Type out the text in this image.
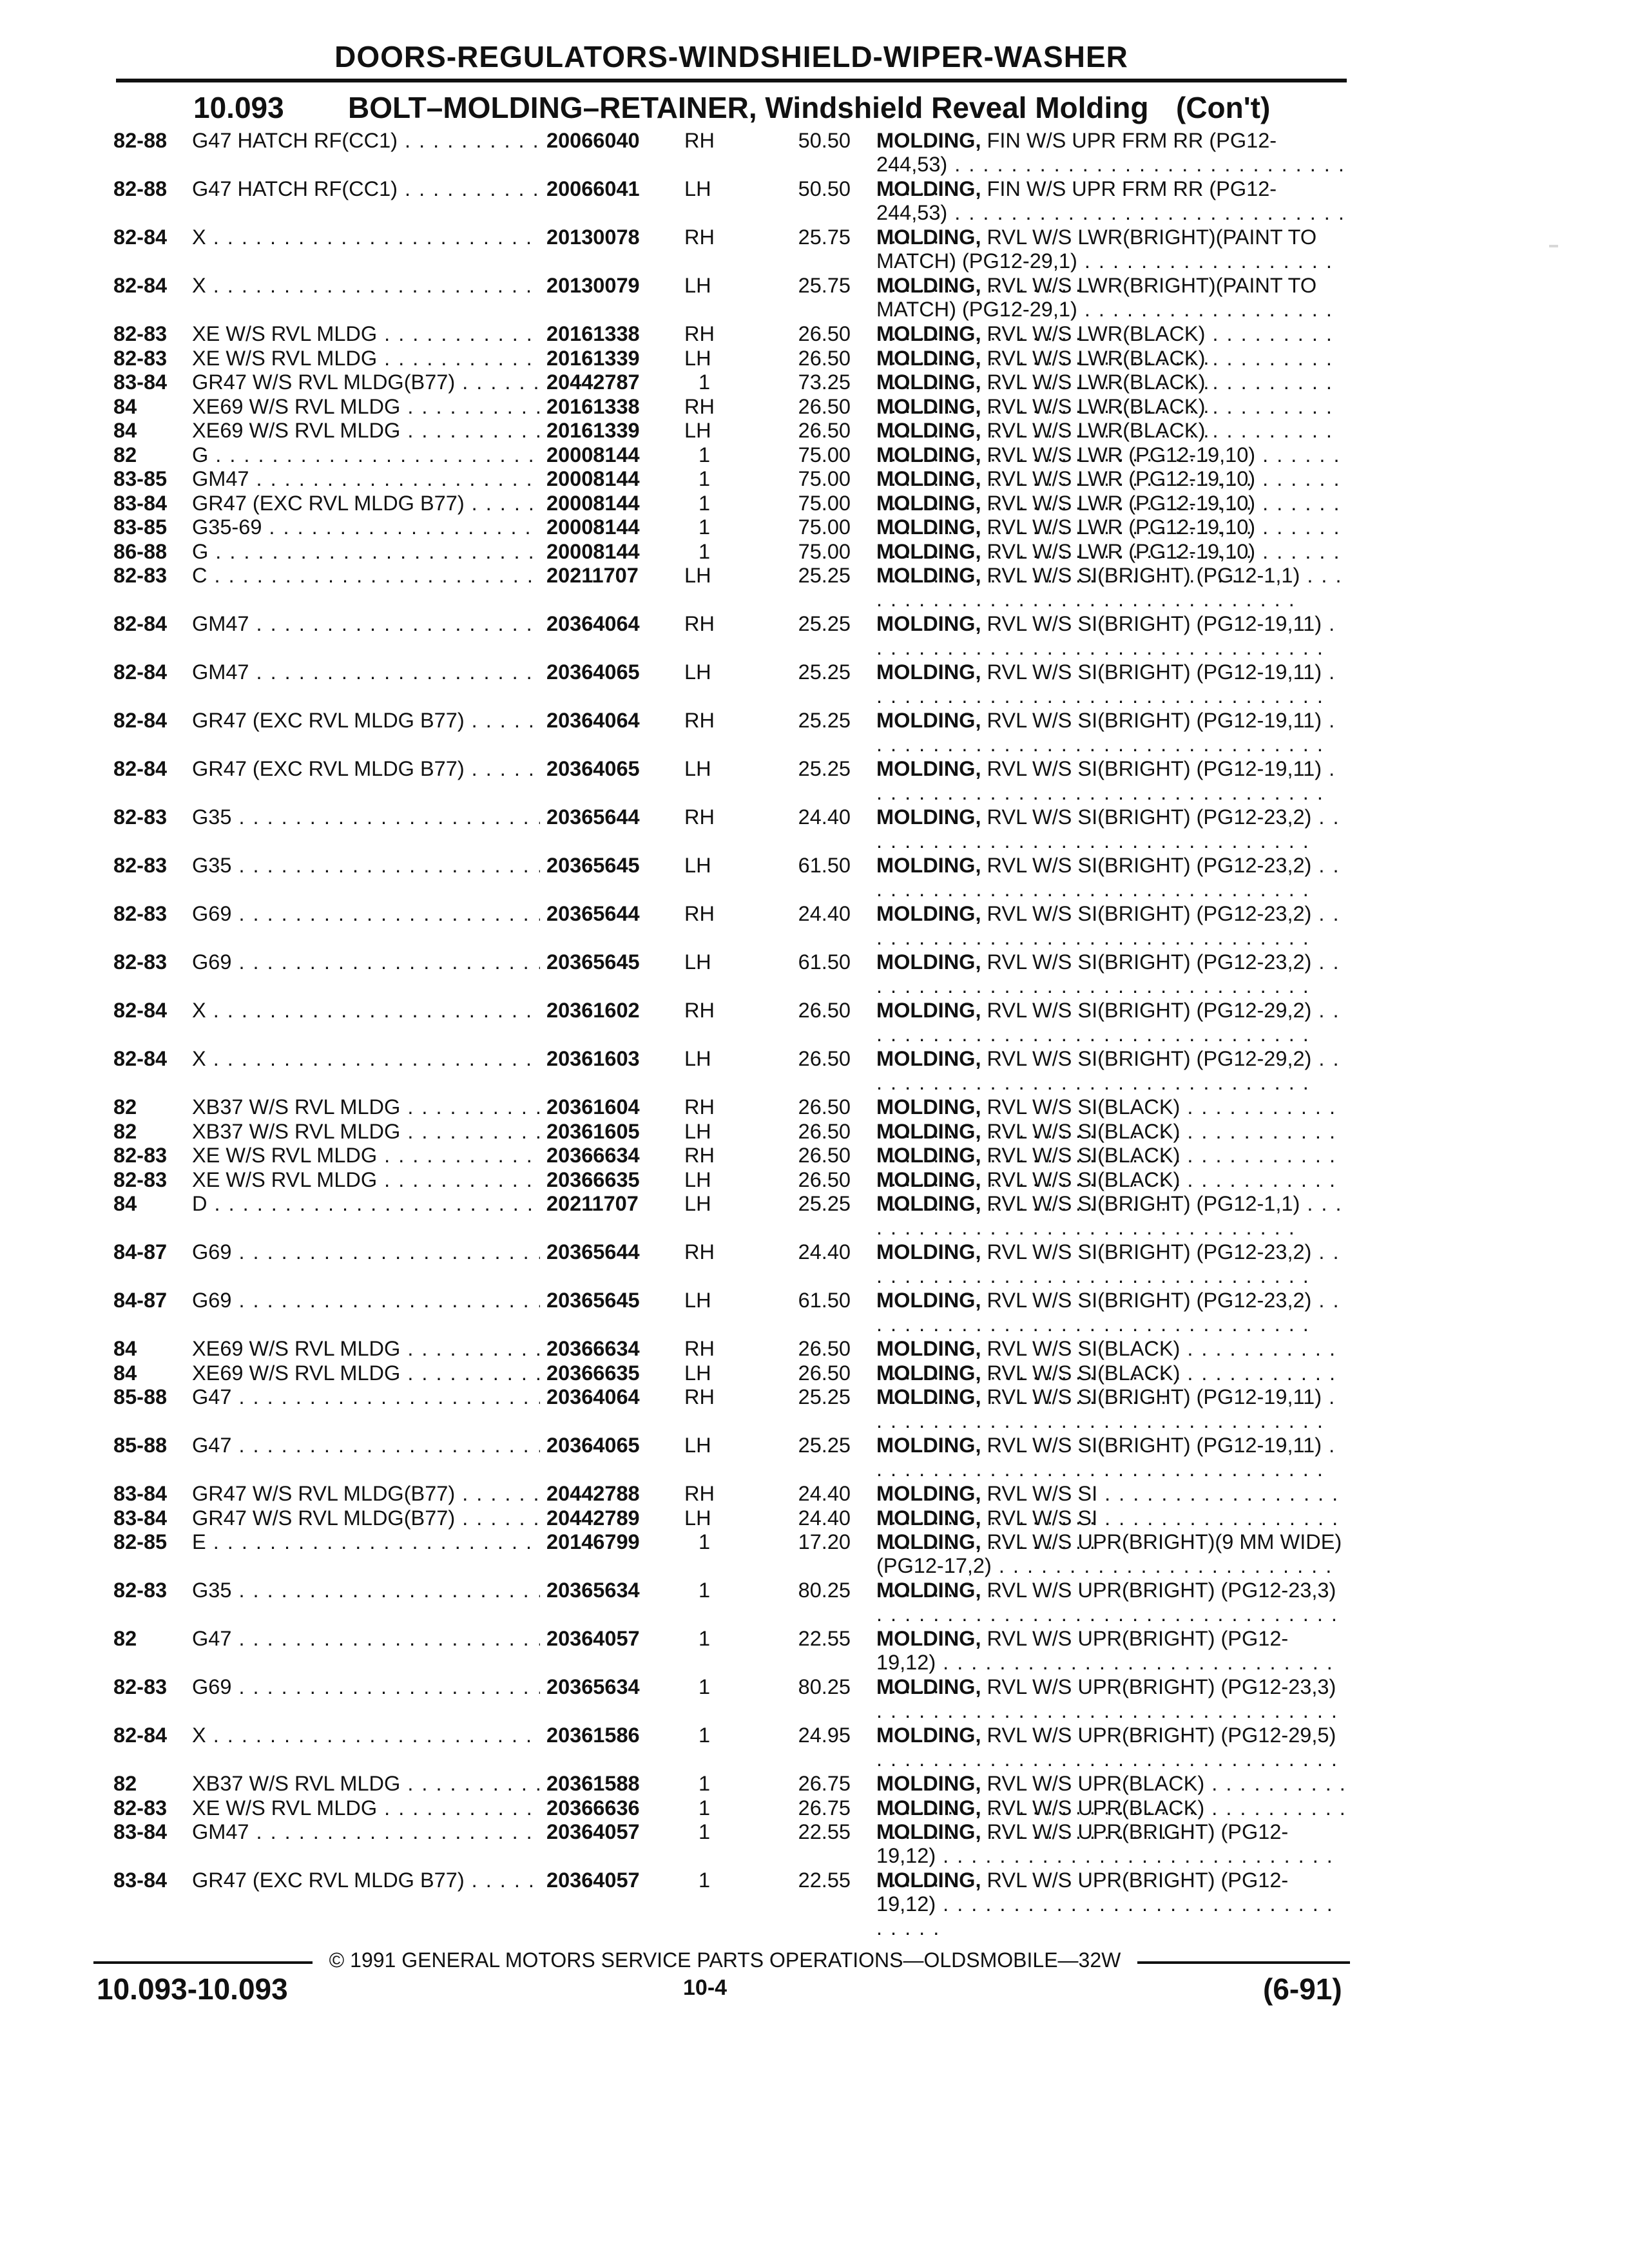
DOORS-REGULATORS-WINDSHIELD-WIPER-WASHER
10.093 BOLT–MOLDING–RETAINER, Windshield Reveal Molding (Con't)
82-88	G47 HATCH RF(CC1) . . .	20066040	RH	50.50 MOLDING, FIN W/S UPR FRM RR (PG12-244,53) . . .
82-88	G47 HATCH RF(CC1) . . .	20066041	LH	50.50 MOLDING, FIN W/S UPR FRM RR (PG12-244,53) . . .
82-84	X . . .	20130078	RH	25.75 MOLDING, RVL W/S LWR(BRIGHT)(PAINT TO MATCH) (PG12-29,1) . . .
82-84	X . . .	20130079	LH	25.75 MOLDING, RVL W/S LWR(BRIGHT)(PAINT TO MATCH) (PG12-29,1) . . .
82-83	XE W/S RVL MLDG . . .	20161338	RH	26.50 MOLDING, RVL W/S LWR(BLACK) . . .
82-83	XE W/S RVL MLDG . . .	20161339	LH	26.50 MOLDING, RVL W/S LWR(BLACK) . . .
83-84	GR47 W/S RVL MLDG(B77) . . .	20442787	1	73.25 MOLDING, RVL W/S LWR(BLACK) . . .
84	XE69 W/S RVL MLDG . . .	20161338	RH	26.50 MOLDING, RVL W/S LWR(BLACK) . . .
84	XE69 W/S RVL MLDG . . .	20161339	LH	26.50 MOLDING, RVL W/S LWR(BLACK) . . .
82	G . . .	20008144	1	75.00 MOLDING, RVL W/S LWR (PG12-19,10) . . .
83-85	GM47 . . .	20008144	1	75.00 MOLDING, RVL W/S LWR (PG12-19,10) . . .
83-84	GR47 (EXC RVL MLDG B77) . . .	20008144	1	75.00 MOLDING, RVL W/S LWR (PG12-19,10) . . .
83-85	G35-69 . . .	20008144	1	75.00 MOLDING, RVL W/S LWR (PG12-19,10) . . .
86-88	G . . .	20008144	1	75.00 MOLDING, RVL W/S LWR (PG12-19,10) . . .
82-83	C . . .	20211707	LH	25.25 MOLDING, RVL W/S SI(BRIGHT) (PG12-1,1) . . .
82-84	GM47 . . .	20364064	RH	25.25 MOLDING, RVL W/S SI(BRIGHT) (PG12-19,11) . . .
82-84	GM47 . . .	20364065	LH	25.25 MOLDING, RVL W/S SI(BRIGHT) (PG12-19,11) . . .
82-84	GR47 (EXC RVL MLDG B77) . . .	20364064	RH	25.25 MOLDING, RVL W/S SI(BRIGHT) (PG12-19,11) . . .
82-84	GR47 (EXC RVL MLDG B77) . . .	20364065	LH	25.25 MOLDING, RVL W/S SI(BRIGHT) (PG12-19,11) . . .
82-83	G35 . . .	20365644	RH	24.40 MOLDING, RVL W/S SI(BRIGHT) (PG12-23,2) . . .
82-83	G35 . . .	20365645	LH	61.50 MOLDING, RVL W/S SI(BRIGHT) (PG12-23,2) . . .
82-83	G69 . . .	20365644	RH	24.40 MOLDING, RVL W/S SI(BRIGHT) (PG12-23,2) . . .
82-83	G69 . . .	20365645	LH	61.50 MOLDING, RVL W/S SI(BRIGHT) (PG12-23,2) . . .
82-84	X . . .	20361602	RH	26.50 MOLDING, RVL W/S SI(BRIGHT) (PG12-29,2) . . .
82-84	X . . .	20361603	LH	26.50 MOLDING, RVL W/S SI(BRIGHT) (PG12-29,2) . . .
82	XB37 W/S RVL MLDG . . .	20361604	RH	26.50 MOLDING, RVL W/S SI(BLACK) . . .
82	XB37 W/S RVL MLDG . . .	20361605	LH	26.50 MOLDING, RVL W/S SI(BLACK) . . .
82-83	XE W/S RVL MLDG . . .	20366634	RH	26.50 MOLDING, RVL W/S SI(BLACK) . . .
82-83	XE W/S RVL MLDG . . .	20366635	LH	26.50 MOLDING, RVL W/S SI(BLACK) . . .
84	D . . .	20211707	LH	25.25 MOLDING, RVL W/S SI(BRIGHT) (PG12-1,1) . . .
84-87	G69 . . .	20365644	RH	24.40 MOLDING, RVL W/S SI(BRIGHT) (PG12-23,2) . . .
84-87	G69 . . .	20365645	LH	61.50 MOLDING, RVL W/S SI(BRIGHT) (PG12-23,2) . . .
84	XE69 W/S RVL MLDG . . .	20366634	RH	26.50 MOLDING, RVL W/S SI(BLACK) . . .
84	XE69 W/S RVL MLDG . . .	20366635	LH	26.50 MOLDING, RVL W/S SI(BLACK) . . .
85-88	G47 . . .	20364064	RH	25.25 MOLDING, RVL W/S SI(BRIGHT) (PG12-19,11) . . .
85-88	G47 . . .	20364065	LH	25.25 MOLDING, RVL W/S SI(BRIGHT) (PG12-19,11) . . .
83-84	GR47 W/S RVL MLDG(B77) . . .	20442788	RH	24.40 MOLDING, RVL W/S SI . . .
83-84	GR47 W/S RVL MLDG(B77) . . .	20442789	LH	24.40 MOLDING, RVL W/S SI . . .
82-85	E . . .	20146799	1	17.20 MOLDING, RVL W/S UPR(BRIGHT)(9 MM WIDE) (PG12-17,2) . . .
82-83	G35 . . .	20365634	1	80.25 MOLDING, RVL W/S UPR(BRIGHT) (PG12-23,3) . . .
82	G47 . . .	20364057	1	22.55 MOLDING, RVL W/S UPR(BRIGHT) (PG12-19,12) . . .
82-83	G69 . . .	20365634	1	80.25 MOLDING, RVL W/S UPR(BRIGHT) (PG12-23,3) . . .
82-84	X . . .	20361586	1	24.95 MOLDING, RVL W/S UPR(BRIGHT) (PG12-29,5) . . .
82	XB37 W/S RVL MLDG . . .	20361588	1	26.75 MOLDING, RVL W/S UPR(BLACK) . . .
82-83	XE W/S RVL MLDG . . .	20366636	1	26.75 MOLDING, RVL W/S UPR(BLACK) . . .
83-84	GM47 . . .	20364057	1	22.55 MOLDING, RVL W/S UPR(BRIGHT) (PG12-19,12) . . .
83-84	GR47 (EXC RVL MLDG B77) . . .	20364057	1	22.55 MOLDING, RVL W/S UPR(BRIGHT) (PG12-19,12) . . .
© 1991 GENERAL MOTORS SERVICE PARTS OPERATIONS—OLDSMOBILE—32W
10.093-10.093	10-4	(6-91)
